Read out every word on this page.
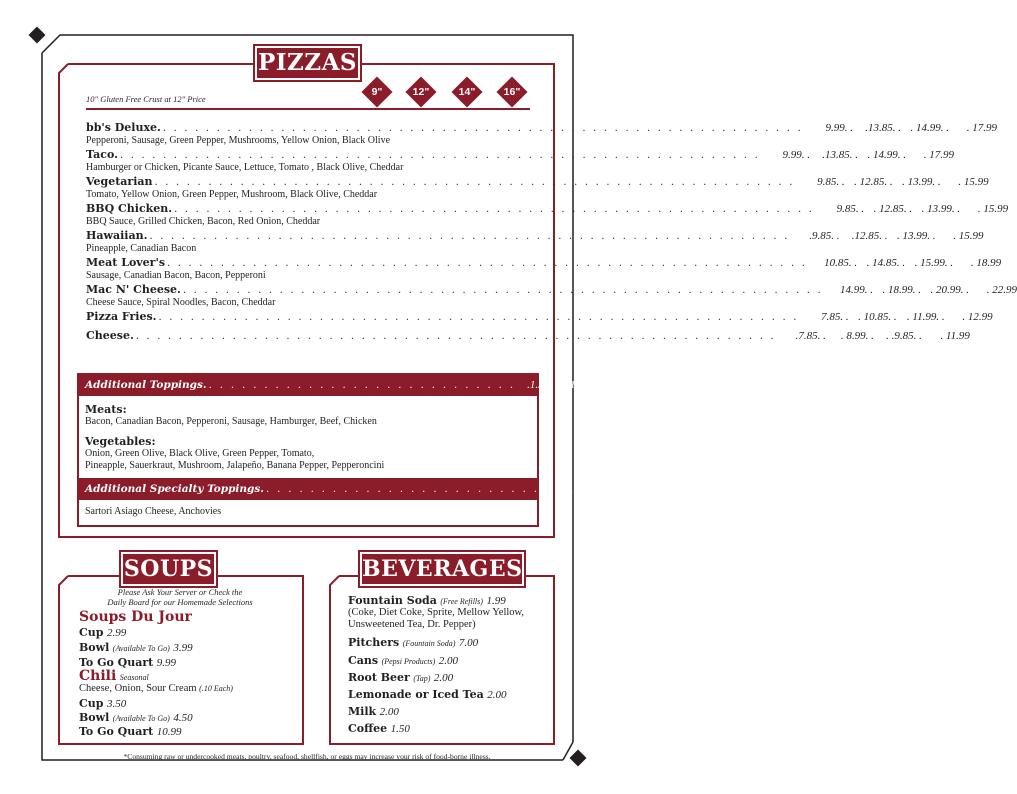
PIZZAS
9"	12"	14"	16"
10" Gluten Free Crust at 12" Price
bb's Deluxe. . . . . . . . . . . . . . . . . . . . . . . . . . . . . . . . . . . . . . . . . . . . . . . . . . . . . . . . . . . . .	9.99. .	.13.85. . . 14.99. .	. 17.99
Pepperoni, Sausage, Green Pepper, Mushrooms, Yellow Onion, Black Olive
Taco. . . . . . . . . . . . . . . . . . . . . . . . . . . . . . . . . . . . . . . . . . . . . . . . . . . . . . . . . . . . .	9.99. .	.13.85. . . 14.99. .	. 17.99
Hamburger or Chicken, Picante Sauce, Lettuce, Tomato , Black Olive, Cheddar
Vegetarian . . . . . . . . . . . . . . . . . . . . . . . . . . . . . . . . . . . . . . . . . . . . . . . . . . . . . . . . . . . .	9.85. . . 12.85. . . 13.99. .	. 15.99
Tomato, Yellow Onion, Green Pepper, Mushroom, Black Olive, Cheddar
BBQ Chicken. . . . . . . . . . . . . . . . . . . . . . . . . . . . . . . . . . . . . . . . . . . . . . . . . . . . . . . . . . . . .	9.85. . . 12.85. . . 13.99. .	. 15.99
BBQ Sauce, Grilled Chicken, Bacon, Red Onion, Cheddar
Hawaiian. . . . . . . . . . . . . . . . . . . . . . . . . . . . . . . . . . . . . . . . . . . . . . . . . . . . . . . . . . . . .	.9.85. .	.12.85. . . 13.99. .	. 15.99
Pineapple, Canadian Bacon
Meat Lover's . . . . . . . . . . . . . . . . . . . . . . . . . . . . . . . . . . . . . . . . . . . . . . . . . . . . . . . . . . . .	10.85. . . 14.85. . . 15.99. .	. 18.99
Sausage, Canadian Bacon, Bacon, Pepperoni
Mac N' Cheese. . . . . . . . . . . . . . . . . . . . . . . . . . . . . . . . . . . . . . . . . . . . . . . . . . . . . . . . . . . . .	14.99. . . 18.99. . . 20.99. .	. 22.99
Cheese Sauce, Spiral Noodles, Bacon, Cheddar
Pizza Fries. . . . . . . . . . . . . . . . . . . . . . . . . . . . . . . . . . . . . . . . . . . . . . . . . . . . . . . . . . . . .	7.85. . . 10.85. . . 11.99. .	. 12.99
Cheese. . . . . . . . . . . . . . . . . . . . . . . . . . . . . . . . . . . . . . . . . . . . . . . . . . . . . . . . . . . . .	.7.85. .	. 8.99. .	. .9.85. .	. 11.99
Additional Toppings. . . . . . . . . . . . . . . . . . . . . . . . . . . . .	.1.50. . . 1.80. . . .1.90. .	. 2.00
Meats:
Bacon, Canadian Bacon, Pepperoni, Sausage, Hamburger, Beef, Chicken
Vegetables:
Onion, Green Olive, Black Olive, Green Pepper, Tomato,
Pineapple, Sauerkraut, Mushroom, Jalapeño, Banana Pepper, Pepperoncini
Additional Specialty Toppings. . . . . . . . . . . . . . . . . . . . . . . . . . .	1.75. . . 2.00. . . .2.50. .	. .3.00
Sartori Asiago Cheese, Anchovies
SOUPS
Please Ask Your Server or Check the
Daily Board for our Homemade Selections
Soups Du Jour
Cup 2.99
Bowl (Available To Go) 3.99
To Go Quart 9.99
Chili Seasonal
Cheese, Onion, Sour Cream (.10 Each)
Cup 3.50
Bowl (Available To Go) 4.50
To Go Quart 10.99
BEVERAGES
Fountain Soda (Free Refills) 1.99
(Coke, Diet Coke, Sprite, Mellow Yellow,
Unsweetened Tea, Dr. Pepper)
Pitchers (Fountain Soda) 7.00
Cans (Pepsi Products) 2.00
Root Beer (Tap) 2.00
Lemonade or Iced Tea 2.00
Milk 2.00
Coffee 1.50
*Consuming raw or undercooked meats, poultry, seafood, shellfish, or eggs may increase your risk of food-borne illness.
